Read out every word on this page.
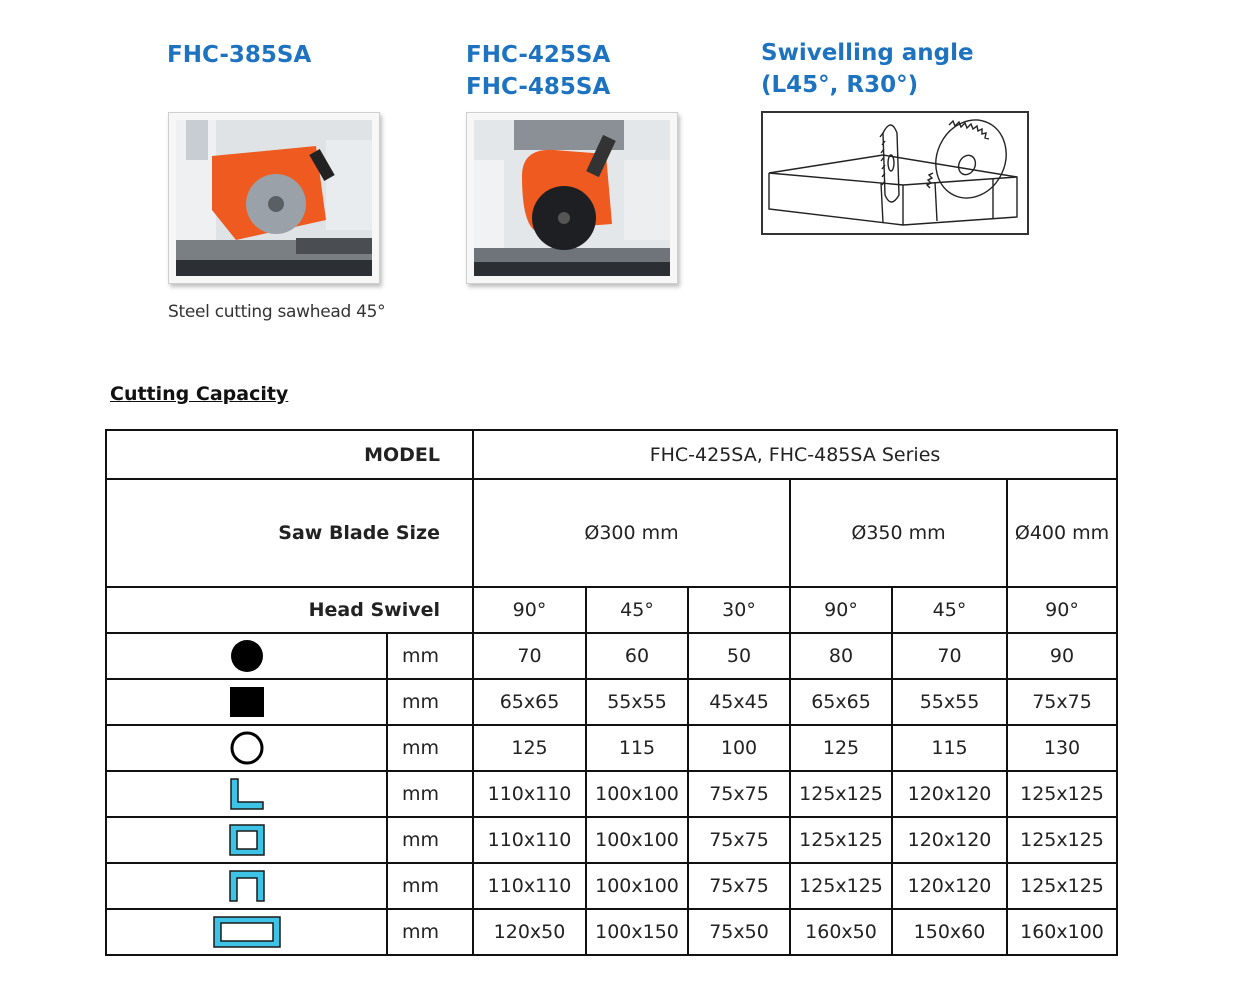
FHC-385SA	FHC-425SA
FHC-485SA
Swivelling angle
(L45°, R30°)
Steel cutting sawhead 45°
Cutting Capacity
MODEL		FHC-425SA, FHC-485SA Series					
Saw Blade Size		Ø300 mm			Ø350 mm		Ø400 mm
Head Swivel		90°	45°	30°	90°	45°	90°
	mm	70	60	50	80	70	90
	mm	65x65	55x55	45x45	65x65	55x55	75x75
	mm	125	115	100	125	115	130
	mm	110x110	100x100	75x75	125x125	120x120	125x125
	mm	110x110	100x100	75x75	125x125	120x120	125x125
	mm	110x110	100x100	75x75	125x125	120x120	125x125
	mm	120x50	100x150	75x50	160x50	150x60	160x100
